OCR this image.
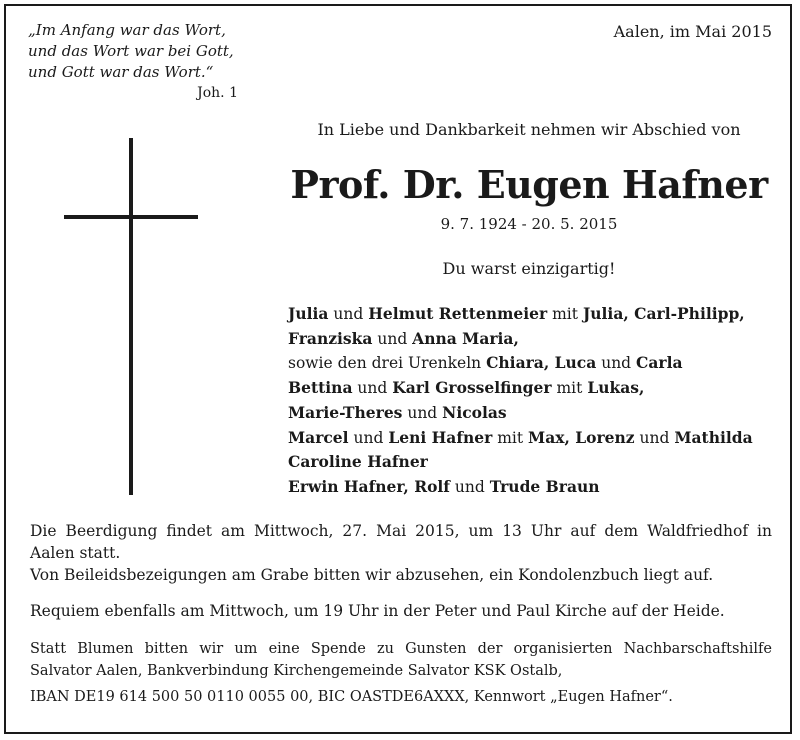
„Im Anfang war das Wort,
und das Wort war bei Gott,
und Gott war das Wort.“
Joh. 1
Aalen, im Mai 2015
In Liebe und Dankbarkeit nehmen wir Abschied von
Prof. Dr. Eugen Hafner
9. 7. 1924 - 20. 5. 2015
Du warst einzigartig!
Julia und Helmut Rettenmeier mit Julia, Carl-Philipp,
Franziska und Anna Maria,
sowie den drei Urenkeln Chiara, Luca und Carla
Bettina und Karl Grosselfinger mit Lukas,
Marie-Theres und Nicolas
Marcel und Leni Hafner mit Max, Lorenz und Mathilda
Caroline Hafner
Erwin Hafner, Rolf und Trude Braun
Die Beerdigung findet am Mittwoch, 27. Mai 2015, um 13 Uhr auf dem Waldfriedhof in
Aalen statt.
Von Beileidsbezeigungen am Grabe bitten wir abzusehen, ein Kondolenzbuch liegt auf.
Requiem ebenfalls am Mittwoch, um 19 Uhr in der Peter und Paul Kirche auf der Heide.
Statt Blumen bitten wir um eine Spende zu Gunsten der organisierten Nachbarschaftshilfe
Salvator Aalen, Bankverbindung Kirchengemeinde Salvator KSK Ostalb,
IBAN DE19 614 500 50 0110 0055 00, BIC OASTDE6AXXX, Kennwort „Eugen Hafner“.
